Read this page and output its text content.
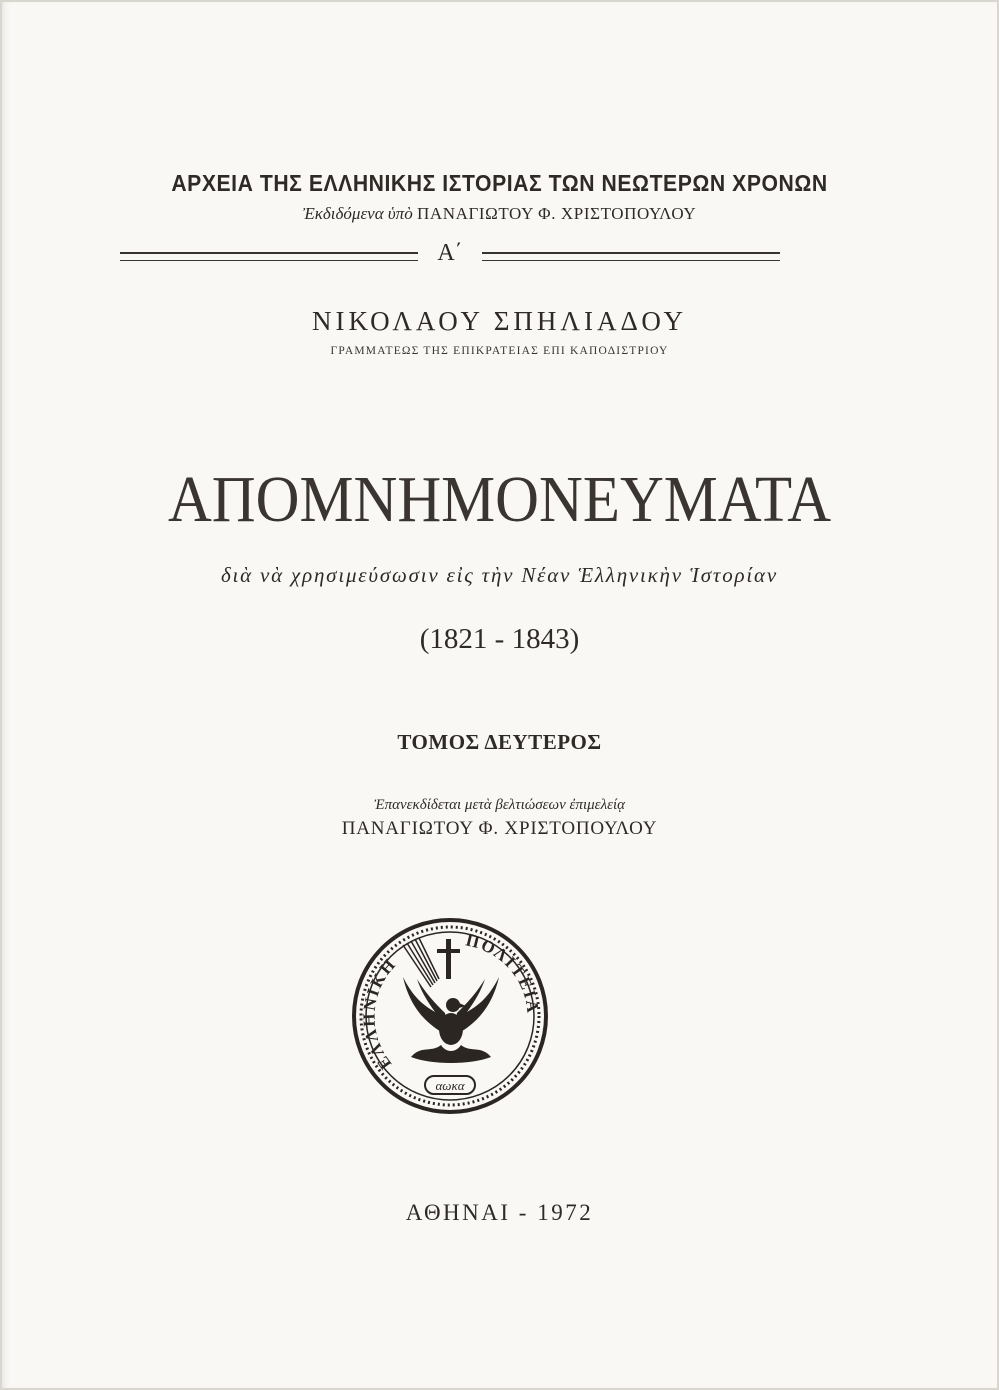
ΑΡΧΕΙΑ ΤΗΣ ΕΛΛΗΝΙΚΗΣ ΙΣΤΟΡΙΑΣ ΤΩΝ ΝΕΩΤΕΡΩΝ ΧΡΟΝΩΝ
Ἐκδιδόμενα ὑπὸ ΠΑΝΑΓΙΩΤΟΥ Φ. ΧΡΙΣΤΟΠΟΥΛΟΥ
Α΄
ΝΙΚΟΛΑΟΥ ΣΠΗΛΙΑΔΟΥ
ΓΡΑΜΜΑΤΕΩΣ ΤΗΣ ΕΠΙΚΡΑΤΕΙΑΣ ΕΠΙ ΚΑΠΟΔΙΣΤΡΙΟΥ
ΑΠΟΜΝΗΜΟΝΕΥΜΑΤΑ
διὰ νὰ χρησιμεύσωσιν εἰς τὴν Νέαν Ἑλληνικὴν Ἱστορίαν
(1821 - 1843)
ΤΟΜΟΣ ΔΕΥΤΕΡΟΣ
Ἐπανεκδίδεται μετὰ βελτιώσεων ἐπιμελείᾳ
ΠΑΝΑΓΙΩΤΟΥ Φ. ΧΡΙΣΤΟΠΟΥΛΟΥ
ΕΛΛΗΝΙΚΗ
ΠΟΛΙΤΕΙΑ
αωκα
ΑΘΗΝΑΙ - 1972
